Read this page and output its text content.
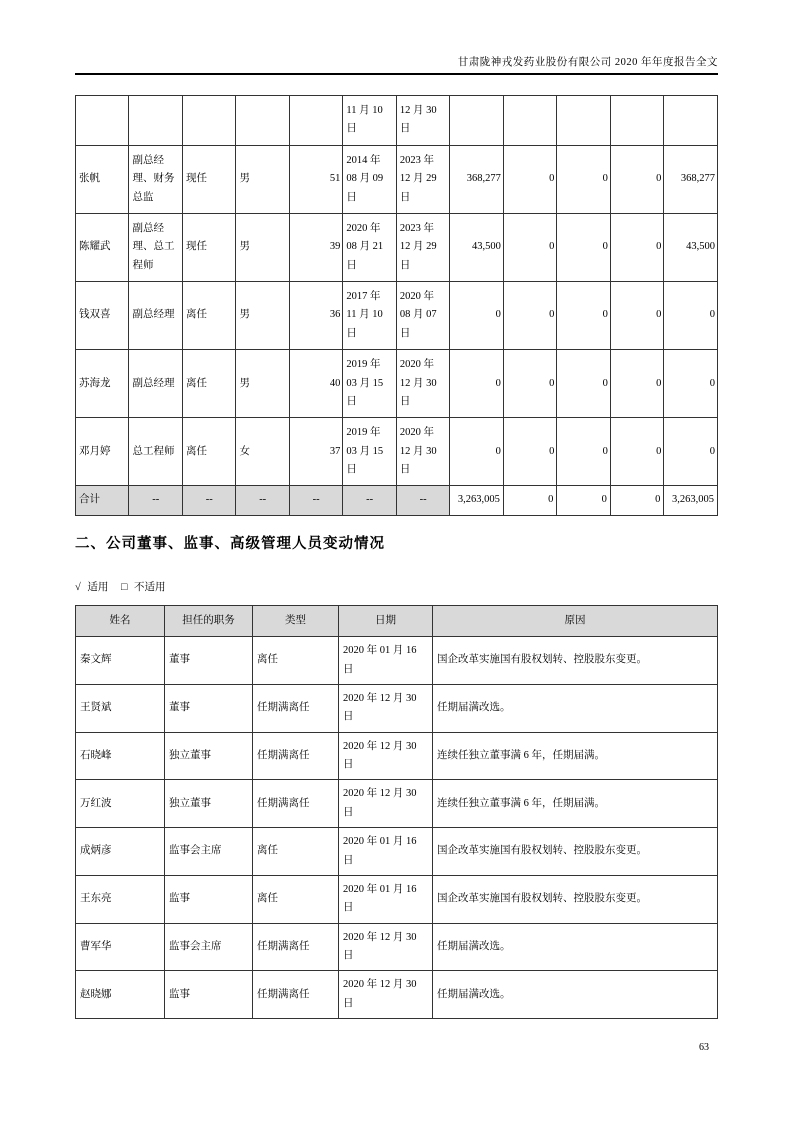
甘肃陇神戎发药业股份有限公司 2020 年年度报告全文
					11 月 10 日	12 月 30 日					
张帆	副总经理、财务总监	现任	男	51	2014 年 08 月 09 日	2023 年 12 月 29 日	368,277	0	0	0	368,277
陈耀武	副总经理、总工程师	现任	男	39	2020 年 08 月 21 日	2023 年 12 月 29 日	43,500	0	0	0	43,500
钱双喜	副总经理	离任	男	36	2017 年 11 月 10 日	2020 年 08 月 07 日	0	0	0	0	0
苏海龙	副总经理	离任	男	40	2019 年 03 月 15 日	2020 年 12 月 30 日	0	0	0	0	0
邓月婷	总工程师	离任	女	37	2019 年 03 月 15 日	2020 年 12 月 30 日	0	0	0	0	0
合计	--	--	--	--	--	--	3,263,005	0	0	0	3,263,005
二、公司董事、监事、高级管理人员变动情况
√ 适用 □ 不适用
姓名	担任的职务	类型	日期	原因
秦文辉	董事	离任	2020 年 01 月 16 日	国企改革实施国有股权划转、控股股东变更。
王贤斌	董事	任期满离任	2020 年 12 月 30 日	任期届满改选。
石晓峰	独立董事	任期满离任	2020 年 12 月 30 日	连续任独立董事满 6 年，任期届满。
万红波	独立董事	任期满离任	2020 年 12 月 30 日	连续任独立董事满 6 年，任期届满。
成炳彦	监事会主席	离任	2020 年 01 月 16 日	国企改革实施国有股权划转、控股股东变更。
王东亮	监事	离任	2020 年 01 月 16 日	国企改革实施国有股权划转、控股股东变更。
曹军华	监事会主席	任期满离任	2020 年 12 月 30 日	任期届满改选。
赵晓娜	监事	任期满离任	2020 年 12 月 30 日	任期届满改选。
63
